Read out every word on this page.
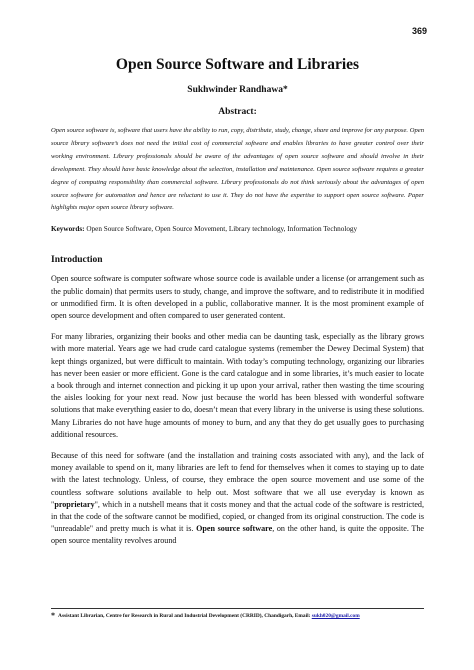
369
Open Source Software and Libraries
Sukhwinder Randhawa*
Abstract:
Open source software is, software that users have the ability to run, copy, distribute, study, change, share and improve for any purpose. Open source library software’s does not need the initial cost of commercial software and enables libraries to have greater control over their working environment. Library professionals should be aware of the advantages of open source software and should involve in their development. They should have basic knowledge about the selection, installation and maintenance. Open source software requires a greater degree of computing responsibility than commercial software. Library professionals do not think seriously about the advantages of open source software for automation and hence are reluctant to use it. They do not have the expertise to support open source software. Paper highlights major open source library software.
Keywords: Open Source Software, Open Source Movement, Library technology, Information Technology
Introduction
Open source software is computer software whose source code is available under a license (or arrangement such as the public domain) that permits users to study, change, and improve the software, and to redistribute it in modified or unmodified firm. It is often developed in a public, collaborative manner. It is the most prominent example of open source development and often compared to user generated content.
For many libraries, organizing their books and other media can be daunting task, especially as the library grows with more material. Years age we had crude card catalogue systems (remember the Dewey Decimal System) that kept things organized, but were difficult to maintain. With today’s computing technology, organizing our libraries has never been easier or more efficient. Gone is the card catalogue and in some libraries, it’s much easier to locate a book through and internet connection and picking it up upon your arrival, rather then wasting the time scouring the aisles looking for your next read. Now just because the world has been blessed with wonderful software solutions that make everything easier to do, doesn’t mean that every library in the universe is using these solutions. Many Libraries do not have huge amounts of money to burn, and any that they do get usually goes to purchasing additional resources.
Because of this need for software (and the installation and training costs associated with any), and the lack of money available to spend on it, many libraries are left to fend for themselves when it comes to staying up to date with the latest technology. Unless, of course, they embrace the open source movement and use some of the countless software solutions available to help out. Most software that we all use everyday is known as "proprietary", which in a nutshell means that it costs money and that the actual code of the software is restricted, in that the code of the software cannot be modified, copied, or changed from its original construction. The code is "unreadable" and pretty much is what it is. Open source software, on the other hand, is quite the opposite. The open source mentality revolves around
* Assistant Librarian, Centre for Research in Rural and Industrial Development (CRRID), Chandigarh, Email: sukh020@gmail.com
